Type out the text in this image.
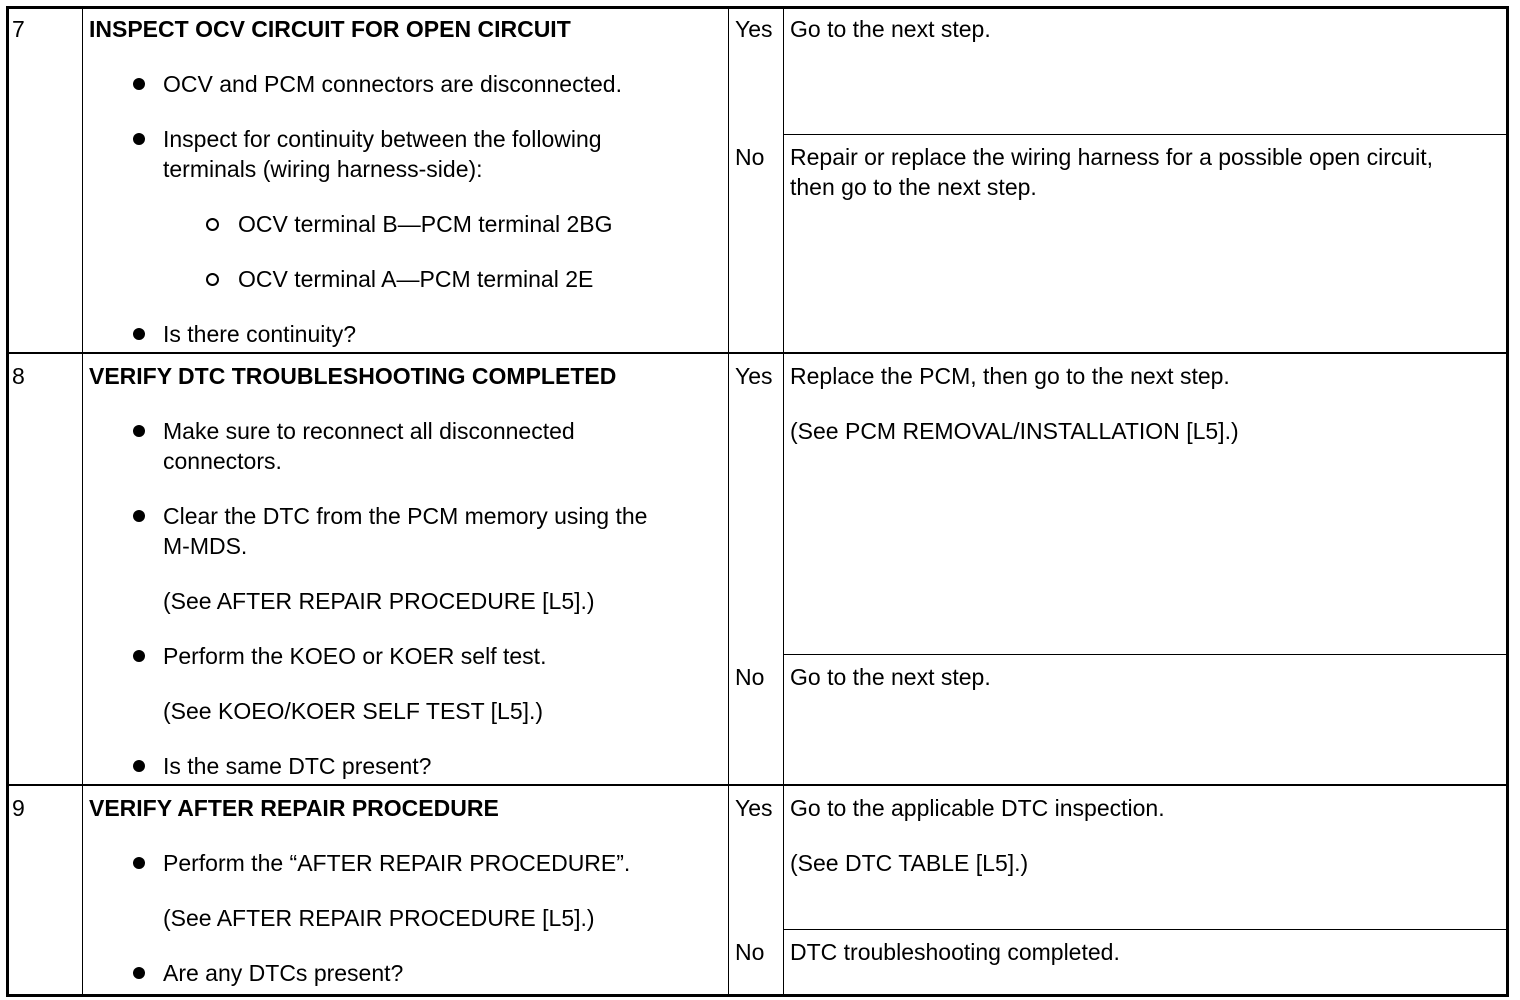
7	INSPECT OCV CIRCUIT FOR OPEN CIRCUIT
OCV and PCM connectors are disconnected.
Inspect for continuity between the following
terminals (wiring harness-side):
OCV terminal B—PCM terminal 2BG
OCV terminal A—PCM terminal 2E
Is there continuity?
Yes Go to the next step.
No Repair or replace the wiring harness for a possible open circuit,
then go to the next step.
8	VERIFY DTC TROUBLESHOOTING COMPLETED
Make sure to reconnect all disconnected
connectors.
Clear the DTC from the PCM memory using the
M-MDS.
(See AFTER REPAIR PROCEDURE [L5].)
Perform the KOEO or KOER self test.
(See KOEO/KOER SELF TEST [L5].)
Is the same DTC present?
Yes Replace the PCM, then go to the next step.
(See PCM REMOVAL/INSTALLATION [L5].)
No Go to the next step.
9	VERIFY AFTER REPAIR PROCEDURE
Perform the “AFTER REPAIR PROCEDURE”.
(See AFTER REPAIR PROCEDURE [L5].)
Are any DTCs present?
Yes Go to the applicable DTC inspection.
(See DTC TABLE [L5].)
No DTC troubleshooting completed.
